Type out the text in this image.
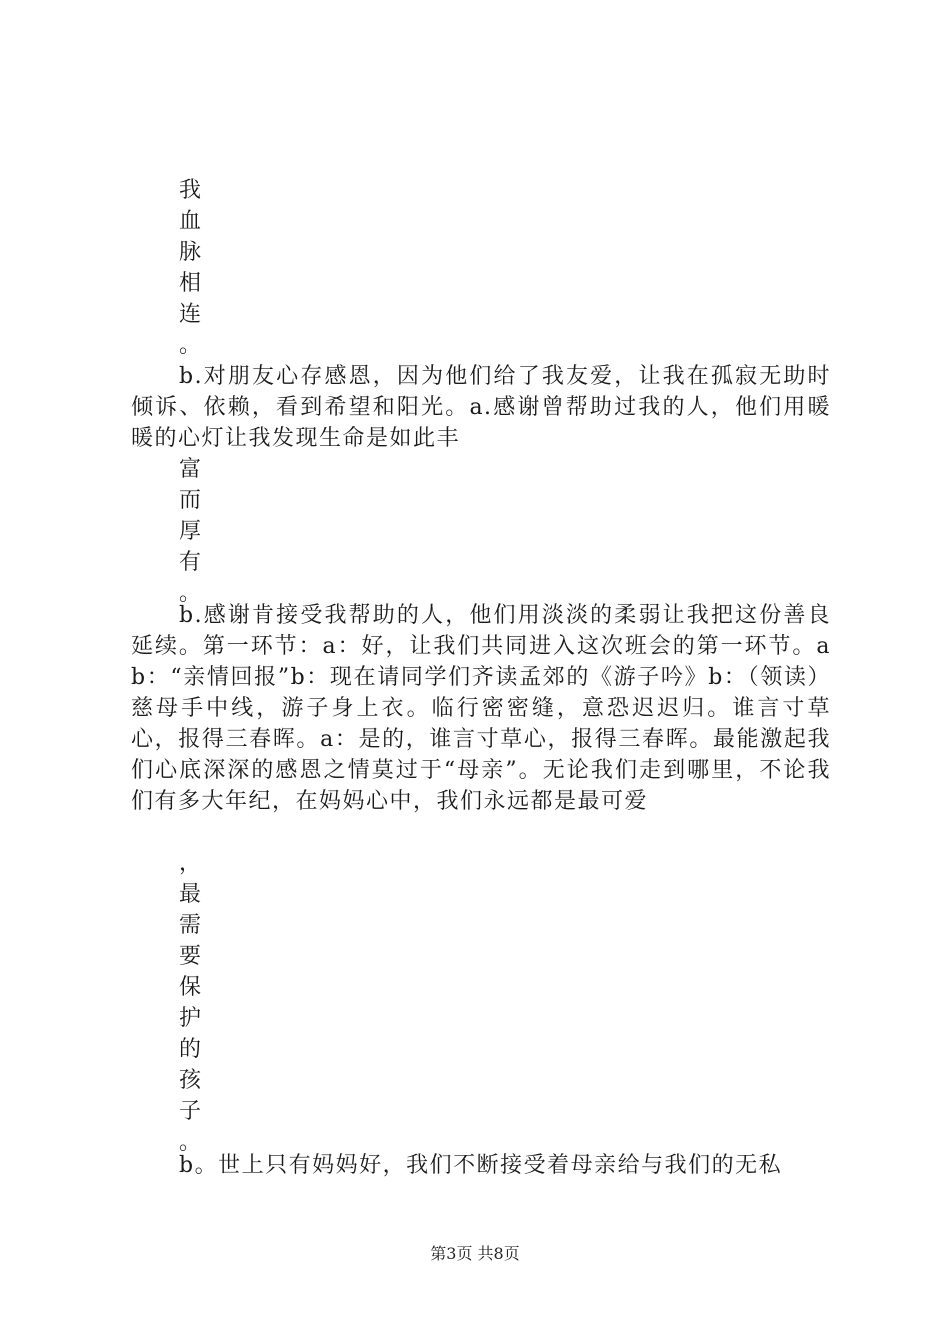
我
血
脉
相
连
。
b.对朋友心存感恩，因为他们给了我友爱，让我在孤寂无助时倾诉、依赖，看到希望和阳光。a.感谢曾帮助过我的人，他们用暖暖的心灯让我发现生命是如此丰
富
而
厚
有
。
b.感谢肯接受我帮助的人，他们用淡淡的柔弱让我把这份善良延续。第一环节：a：好，让我们共同进入这次班会的第一环节。ab：“亲情回报”b：现在请同学们齐读孟郊的《游子吟》b：（领读）慈母手中线，游子身上衣。临行密密缝，意恐迟迟归。谁言寸草心，报得三春晖。a：是的，谁言寸草心，报得三春晖。最能激起我们心底深深的感恩之情莫过于“母亲”。无论我们走到哪里，不论我们有多大年纪，在妈妈心中，我们永远都是最可爱
，
最
需
要
保
护
的
孩
子
。
b。世上只有妈妈好，我们不断接受着母亲给与我们的无私
第3页 共8页
